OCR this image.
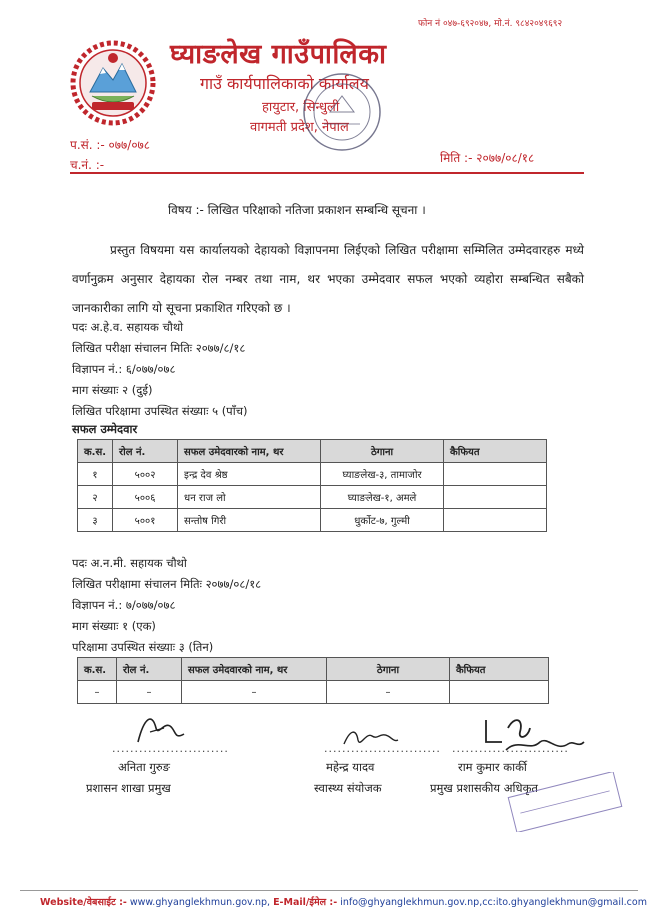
फोन नं ०४७-६९२०४७, मो.नं. ९८४२०४९६९२
घ्याङलेख गाउँपालिका
गाउँ कार्यपालिकाको कार्यालय
हायुटार, सिन्धुली
वागमती प्रदेश, नेपाल
प.सं. :- ०७७/०७८
च.नं. :-	मिति :- २०७७/०८/१८
विषय :- लिखित परिक्षाको नतिजा प्रकाशन सम्बन्धि सूचना ।
प्रस्तुत विषयमा यस कार्यालयको देहायको विज्ञापनमा लिईएको लिखित परीक्षामा सम्मिलित उम्मेदवारहरु मध्ये वर्णानुक्रम अनुसार देहायका रोल नम्बर तथा नाम, थर भएका उम्मेदवार सफल भएको व्यहोरा सम्बन्धित सबैको जानकारीका लागि यो सूचना प्रकाशित गरिएको छ ।
पदः अ.हे.व. सहायक चौथो
लिखित परीक्षा संचालन मितिः २०७७/८/१८
विज्ञापन नं.: ६/०७७/०७८
माग संख्याः २ (दुई)
लिखित परिक्षामा उपस्थित संख्याः ५ (पाँच)
सफल उम्मेदवार
क.स.	रोल नं.	सफल उमेदवारको नाम, थर	ठेगाना	कैफियत
१	५००२	इन्द्र देव श्रेष्ठ	घ्याङलेख-३, तामाजोर	
२	५००६	धन राज लो	घ्याङलेख-१, अमले	
३	५००१	सन्तोष गिरी	धुर्कोट-७, गुल्मी	
पदः अ.न.मी. सहायक चौथो
लिखित परीक्षामा संचालन मितिः २०७७/०८/१८
विज्ञापन नं.: ७/०७७/०७८
माग संख्याः १ (एक)
परिक्षामा उपस्थित संख्याः ३ (तिन)
क.स.	रोल नं.	सफल उमेदवारको नाम, थर	ठेगाना	कैफियत
–	–	–	–	
..........................
अनिता गुरुङ
प्रशासन शाखा प्रमुख
..........................
महेन्द्र यादव
स्वास्थ्य संयोजक
..........................
राम कुमार कार्की
प्रमुख प्रशासकीय अधिकृत
Website/वेबसाईट :- www.ghyanglekhmun.gov.np, E-Mail/ईमेल :- info@ghyanglekhmun.gov.np,cc:ito.ghyanglekhmun@gmail.com
